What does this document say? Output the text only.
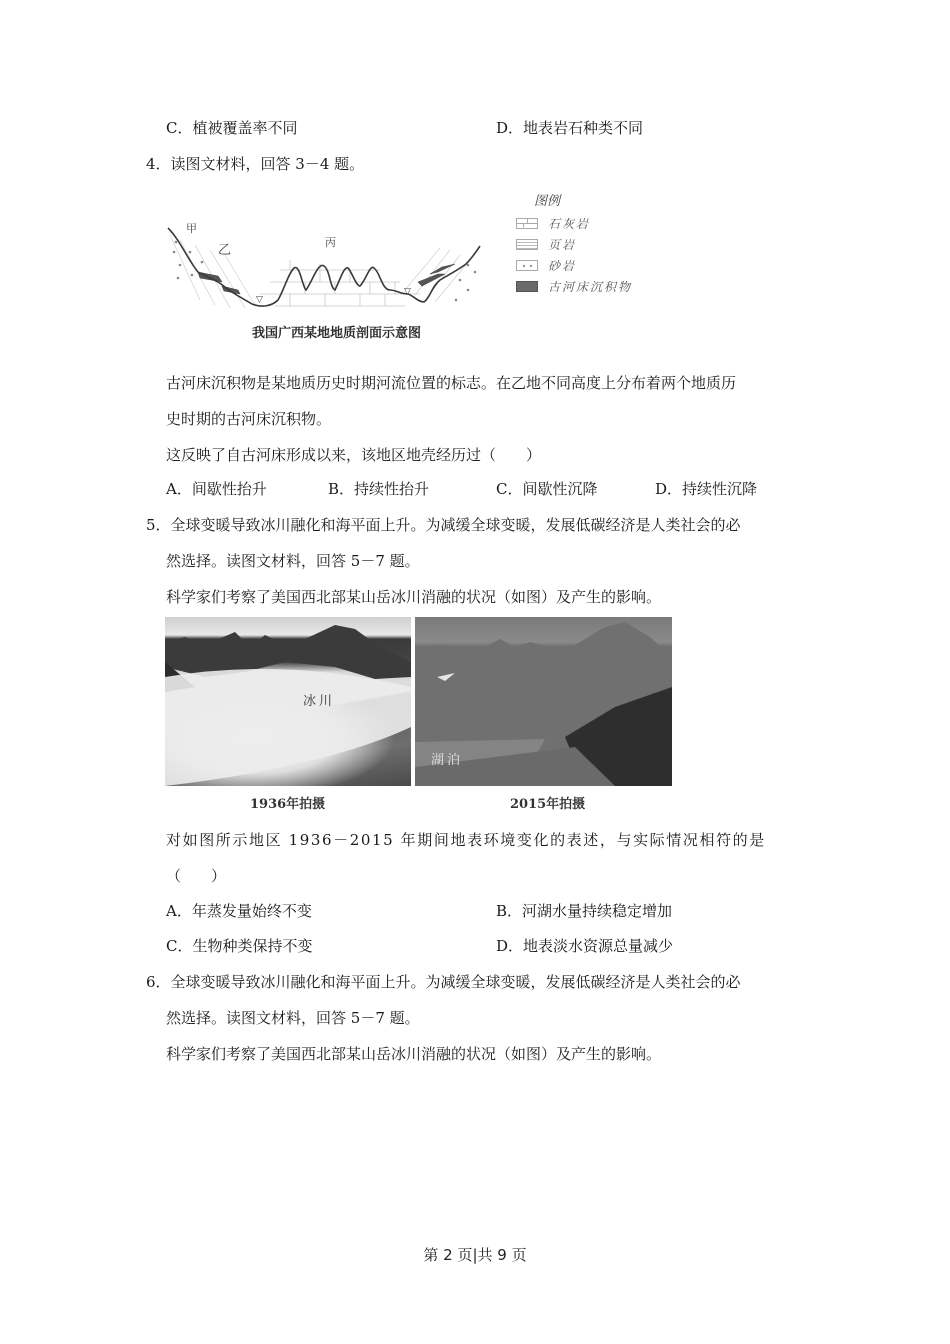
C．植被覆盖率不同	D．地表岩石种类不同
4．读图文材料，回答 3－4 题。
▽
▽
甲
乙
丙
我国广西某地地质剖面示意图
图例
石灰岩
页岩
砂岩
古河床沉积物
古河床沉积物是某地质历史时期河流位置的标志。在乙地不同高度上分布着两个地质历
史时期的古河床沉积物。
这反映了自古河床形成以来，该地区地壳经历过（　　）
A．间歇性抬升	B．持续性抬升	C．间歇性沉降	D．持续性沉降
5．全球变暖导致冰川融化和海平面上升。为减缓全球变暖，发展低碳经济是人类社会的必
然选择。读图文材料，回答 5－7 题。
科学家们考察了美国西北部某山岳冰川消融的状况（如图）及产生的影响。
冰川
1936年拍摄
湖泊
2015年拍摄
对如图所示地区 1936－2015 年期间地表环境变化的表述，与实际情况相符的是
（　　）
A．年蒸发量始终不变	B．河湖水量持续稳定增加
C．生物种类保持不变	D．地表淡水资源总量减少
6．全球变暖导致冰川融化和海平面上升。为减缓全球变暖，发展低碳经济是人类社会的必
然选择。读图文材料，回答 5－7 题。
科学家们考察了美国西北部某山岳冰川消融的状况（如图）及产生的影响。
第 2 页|共 9 页
